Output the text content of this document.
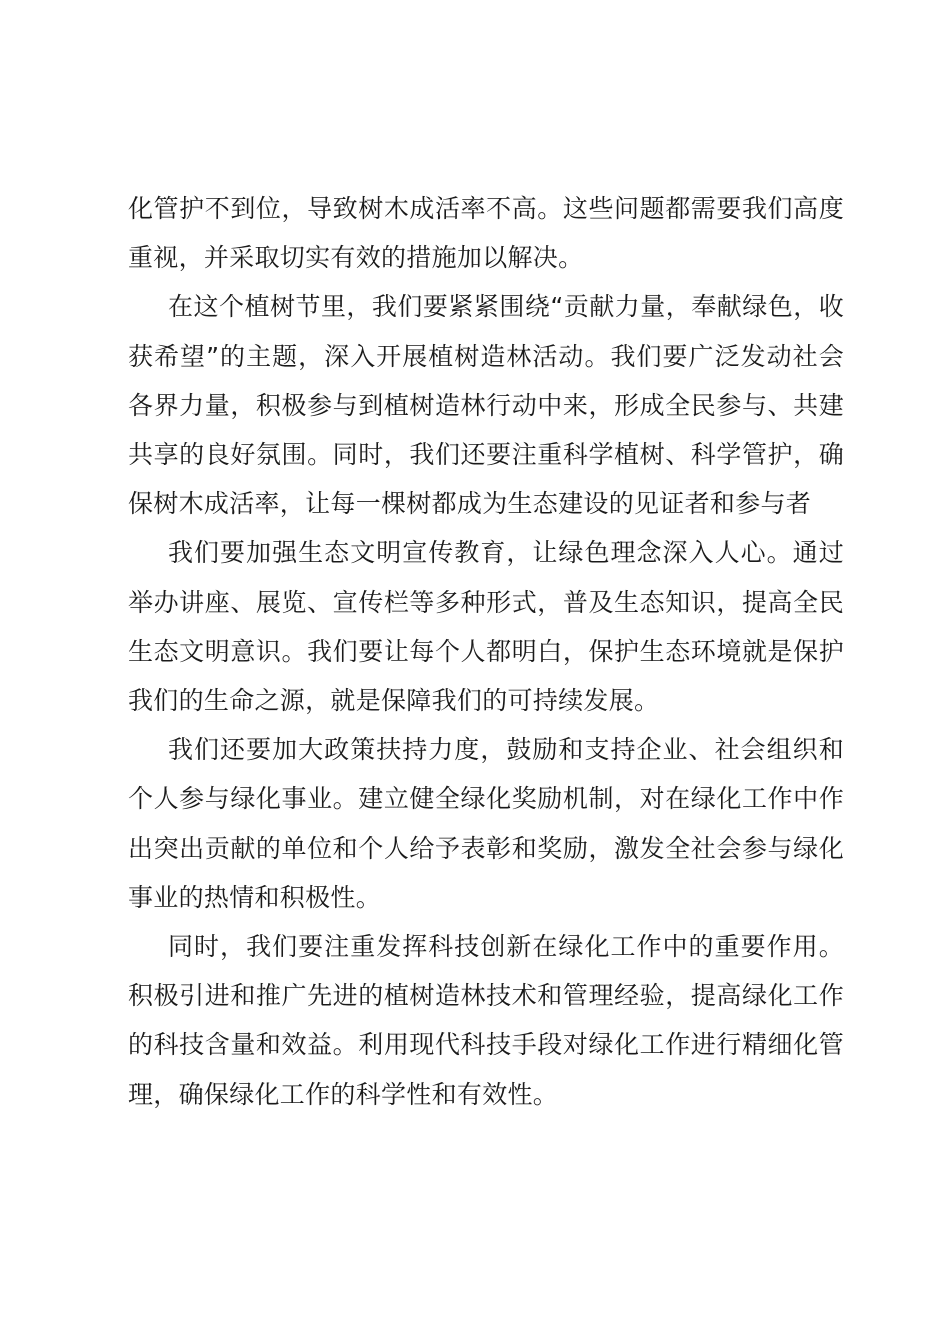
化管护不到位，导致树木成活率不高。这些问题都需要我们高度重视，并采取切实有效的措施加以解决。

在这个植树节里，我们要紧紧围绕“贡献力量，奉献绿色，收获希望”的主题，深入开展植树造林活动。我们要广泛发动社会各界力量，积极参与到植树造林行动中来，形成全民参与、共建共享的良好氛围。同时，我们还要注重科学植树、科学管护，确保树木成活率，让每一棵树都成为生态建设的见证者和参与者

我们要加强生态文明宣传教育，让绿色理念深入人心。通过举办讲座、展览、宣传栏等多种形式，普及生态知识，提高全民生态文明意识。我们要让每个人都明白，保护生态环境就是保护我们的生命之源，就是保障我们的可持续发展。

我们还要加大政策扶持力度，鼓励和支持企业、社会组织和个人参与绿化事业。建立健全绿化奖励机制，对在绿化工作中作出突出贡献的单位和个人给予表彰和奖励，激发全社会参与绿化事业的热情和积极性。

同时，我们要注重发挥科技创新在绿化工作中的重要作用。积极引进和推广先进的植树造林技术和管理经验，提高绿化工作的科技含量和效益。利用现代科技手段对绿化工作进行精细化管理，确保绿化工作的科学性和有效性。
